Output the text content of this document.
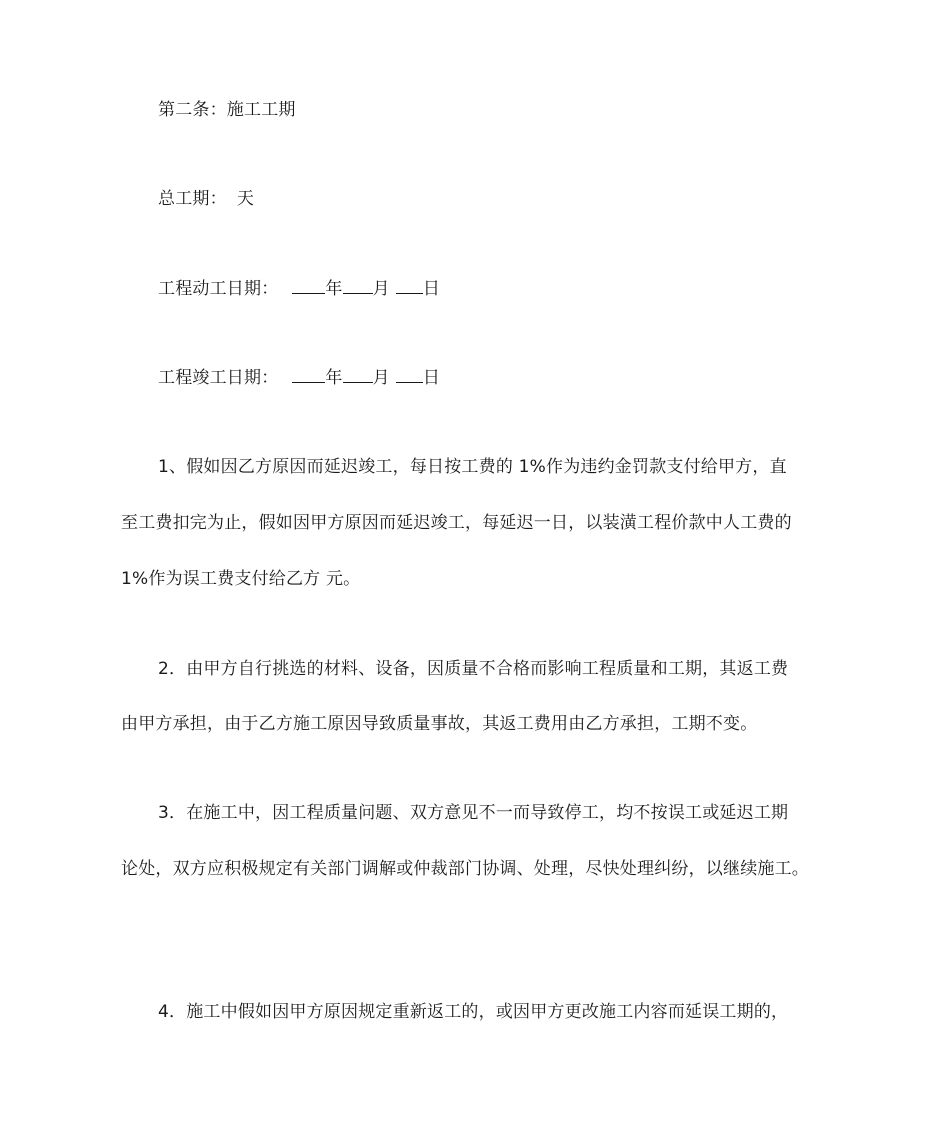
第二条：施工工期
总工期： 天
工程动工日期：	年 月 日
工程竣工日期：	年 月 日
1、假如因乙方原因而延迟竣工，每日按工费的 1%作为违约金罚款支付给甲方，直
至工费扣完为止，假如因甲方原因而延迟竣工，每延迟一日，以装潢工程价款中人工费的
1%作为误工费支付给乙方 元。
2．由甲方自行挑选的材料、设备，因质量不合格而影响工程质量和工期，其返工费
由甲方承担，由于乙方施工原因导致质量事故，其返工费用由乙方承担，工期不变。
3．在施工中，因工程质量问题、双方意见不一而导致停工，均不按误工或延迟工期
论处，双方应积极规定有关部门调解或仲裁部门协调、处理，尽快处理纠纷，以继续施工。
4．施工中假如因甲方原因规定重新返工的，或因甲方更改施工内容而延误工期的，
